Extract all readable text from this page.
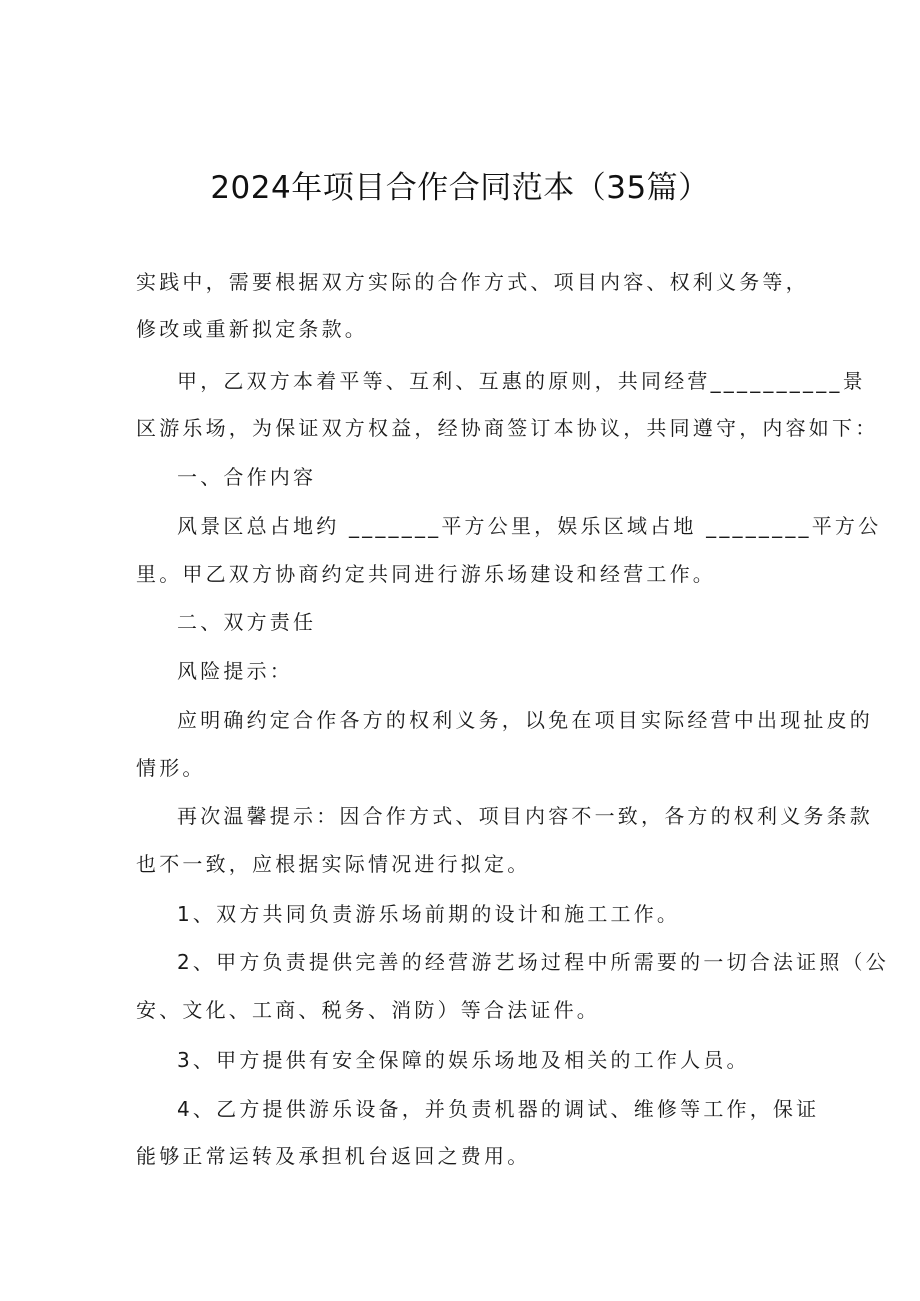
2024年项目合作合同范本（35篇）
实践中，需要根据双方实际的合作方式、项目内容、权利义务等，
修改或重新拟定条款。
甲，乙双方本着平等、互利、互惠的原则，共同经营__________景
区游乐场，为保证双方权益，经协商签订本协议，共同遵守，内容如下：
一、合作内容
风景区总占地约 _______平方公里，娱乐区域占地 ________平方公
里。甲乙双方协商约定共同进行游乐场建设和经营工作。
二、双方责任
风险提示：
应明确约定合作各方的权利义务，以免在项目实际经营中出现扯皮的
情形。
再次温馨提示：因合作方式、项目内容不一致，各方的权利义务条款
也不一致，应根据实际情况进行拟定。
1、双方共同负责游乐场前期的设计和施工工作。
2、甲方负责提供完善的经营游艺场过程中所需要的一切合法证照（公
安、文化、工商、税务、消防）等合法证件。
3、甲方提供有安全保障的娱乐场地及相关的工作人员。
4、乙方提供游乐设备，并负责机器的调试、维修等工作，保证
能够正常运转及承担机台返回之费用。
